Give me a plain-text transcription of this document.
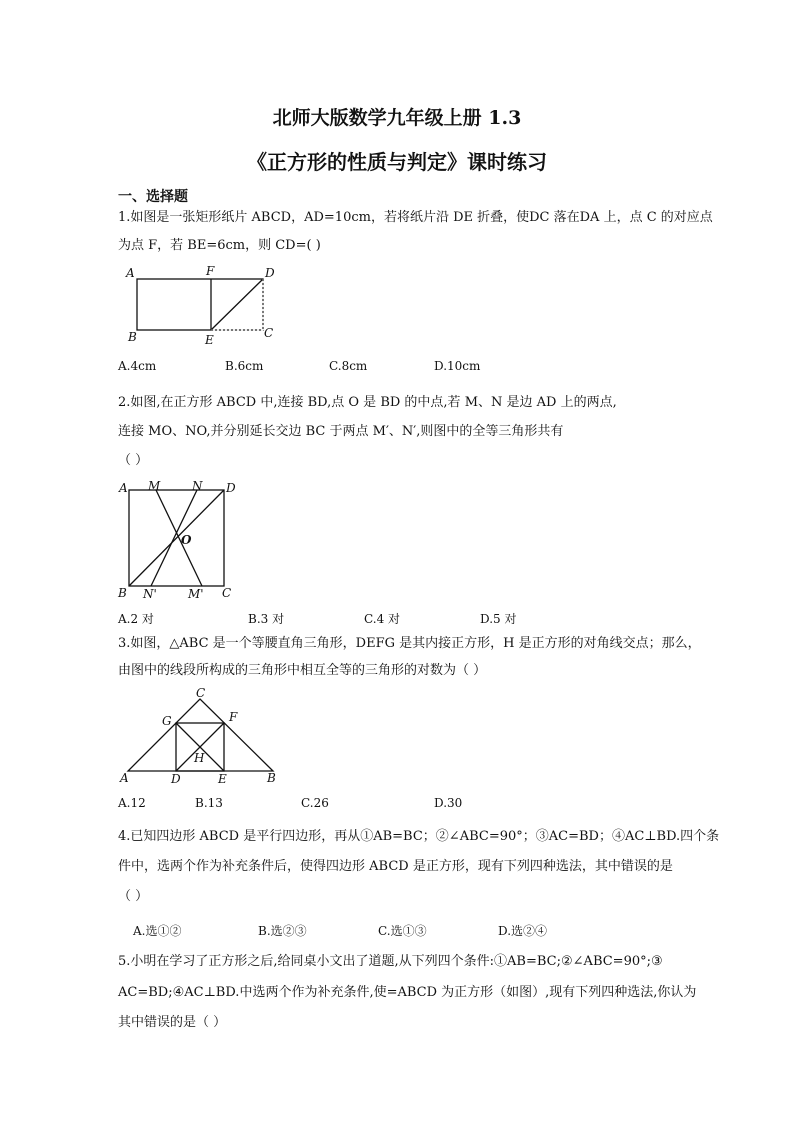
北师大版数学九年级上册 1.3
《正方形的性质与判定》课时练习
一、选择题
1.如图是一张矩形纸片 ABCD，AD=10cm，若将纸片沿 DE 折叠，使DC 落在DA 上，点 C 的对应点
为点 F，若 BE=6cm，则 CD=( )
A	F	D
B	E	C
A.4cm	B.6cm	C.8cm	D.10cm
2.如图,在正方形 ABCD 中,连接 BD,点 O 是 BD 的中点,若 M、N 是边 AD 上的两点,
连接 MO、NO,并分别延长交边 BC 于两点 M′、N′,则图中的全等三角形共有
（ ）
A M	N D
O
B N'	M' C
A.2 对	B.3 对	C.4 对	D.5 对
3.如图，△ABC 是一个等腰直角三角形，DEFG 是其内接正方形，H 是正方形的对角线交点；那么，
由图中的线段所构成的三角形中相互全等的三角形的对数为（ ）
C
G	F
H
A	D	E	B
A.12	B.13	C.26	D.30
4.已知四边形 ABCD 是平行四边形，再从①AB=BC；②∠ABC=90°；③AC=BD；④AC⊥BD.四个条
件中，选两个作为补充条件后，使得四边形 ABCD 是正方形，现有下列四种选法，其中错误的是
（ ）
A.选①②	B.选②③	C.选①③	D.选②④
5.小明在学习了正方形之后,给同桌小文出了道题,从下列四个条件:①AB=BC;②∠ABC=90°;③
AC=BD;④AC⊥BD.中选两个作为补充条件,使=ABCD 为正方形（如图）,现有下列四种选法,你认为
其中错误的是（ ）
